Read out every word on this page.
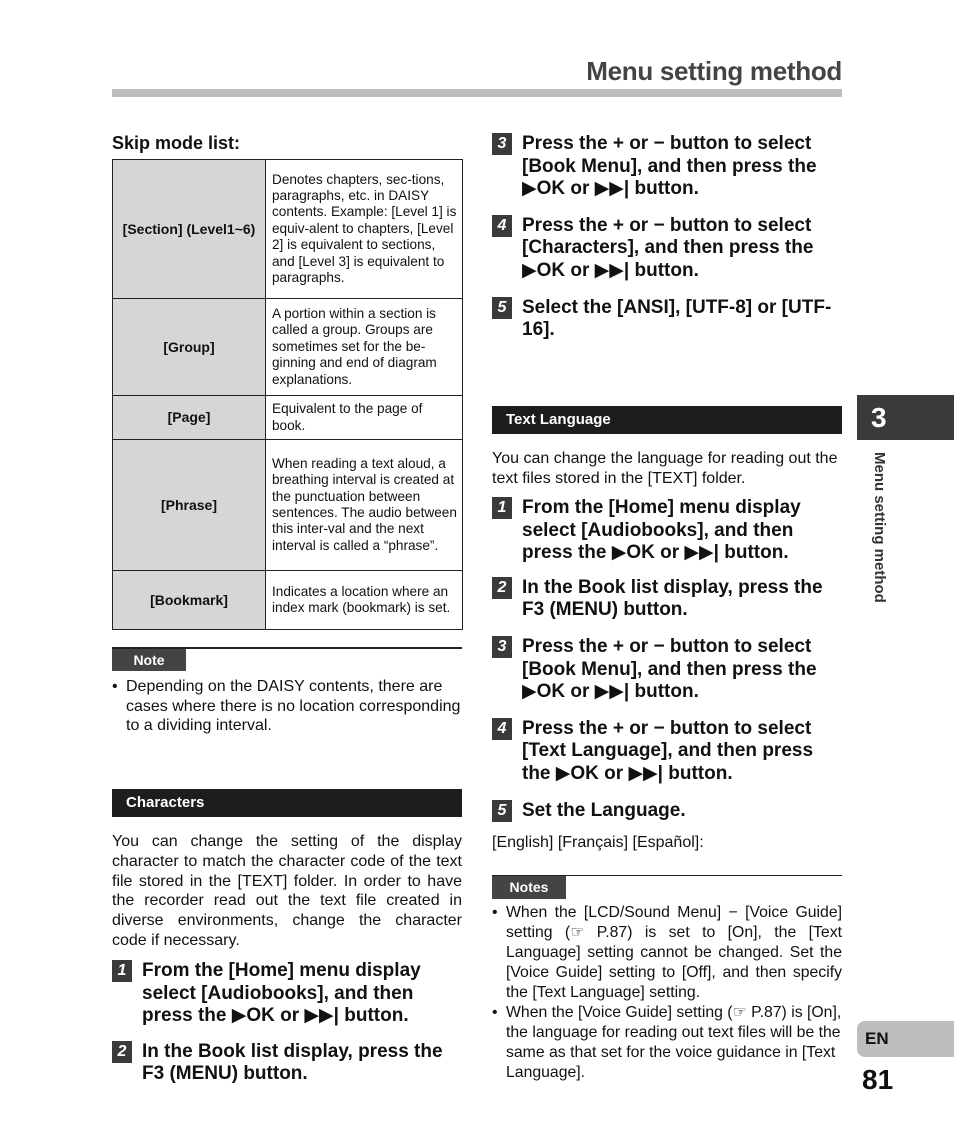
Menu setting method
Skip mode list:
[Section] (Level1~6)	Denotes chapters, sec-tions, paragraphs, etc. in DAISY contents. Example: [Level 1] is equiv-alent to chapters, [Level 2] is equivalent to sections, and [Level 3] is equivalent to paragraphs.
[Group]	A portion within a section is called a group. Groups are sometimes set for the be-ginning and end of diagram explanations.
[Page]	Equivalent to the page of book.
[Phrase]	When reading a text aloud, a breathing interval is created at the punctuation between sentences. The audio between this inter-val and the next interval is called a “phrase”.
[Bookmark]	Indicates a location where an index mark (bookmark) is set.
Note
• Depending on the DAISY contents, there are cases where there is no location corresponding to a dividing interval.
Characters
You can change the setting of the display character to match the character code of the text file stored in the [TEXT] folder. In order to have the recorder read out the text file created in diverse environments, change the character code if necessary.
1 From the [Home] menu display select [Audiobooks], and then press the ▶OK or ▶▶| button.
2 In the Book list display, press the F3 (MENU) button.
3 Press the + or − button to select [Book Menu], and then press the ▶OK or ▶▶| button.
4 Press the + or − button to select [Characters], and then press the ▶OK or ▶▶| button.
5 Select the [ANSI], [UTF-8] or [UTF-16].
Text Language
You can change the language for reading out the text files stored in the [TEXT] folder.
1 From the [Home] menu display select [Audiobooks], and then press the ▶OK or ▶▶| button.
2 In the Book list display, press the F3 (MENU) button.
3 Press the + or − button to select [Book Menu], and then press the ▶OK or ▶▶| button.
4 Press the + or − button to select [Text Language], and then press the ▶OK or ▶▶| button.
5 Set the Language.
[English] [Français] [Español]:
Notes
• When the [LCD/Sound Menu] − [Voice Guide] setting (☞ P.87) is set to [On], the [Text Language] setting cannot be changed. Set the [Voice Guide] setting to [Off], and then specify the [Text Language] setting.
• When the [Voice Guide] setting (☞ P.87) is [On], the language for reading out text files will be the same as that set for the voice guidance in [Text Language].
3
Menu setting method
EN
81
